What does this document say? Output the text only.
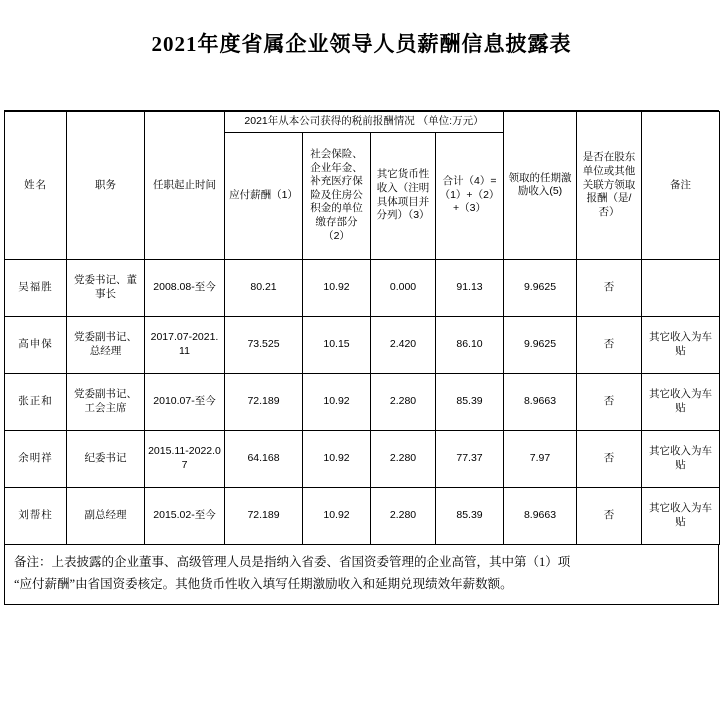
2021年度省属企业领导人员薪酬信息披露表
姓名	职务	任职起止时间	2021年从本公司获得的税前报酬情况 （单位:万元）				领取的任期激励收入(5)	是否在股东单位或其他关联方领取报酬（是/否）	备注
			应付薪酬（1）	社会保险、企业年金、补充医疗保险及住房公积金的单位缴存部分（2）	其它货币性收入（注明具体项目并分列）（3）	合计（4）=（1）+（2）+（3）			
吴福胜	党委书记、董事长	2008.08-至今	80.21	10.92	0.000	91.13	9.9625	否	
高申保	党委副书记、总经理	2017.07-2021.11	73.525	10.15	2.420	86.10	9.9625	否	其它收入为车贴
张正和	党委副书记、工会主席	2010.07-至今	72.189	10.92	2.280	85.39	8.9663	否	其它收入为车贴
余明祥	纪委书记	2015.11-2022.07	64.168	10.92	2.280	77.37	7.97	否	其它收入为车贴
刘帮柱	副总经理	2015.02-至今	72.189	10.92	2.280	85.39	8.9663	否	其它收入为车贴
备注：上表披露的企业董事、高级管理人员是指纳入省委、省国资委管理的企业高管，其中第（1）项
“应付薪酬”由省国资委核定。其他货币性收入填写任期激励收入和延期兑现绩效年薪数额。
